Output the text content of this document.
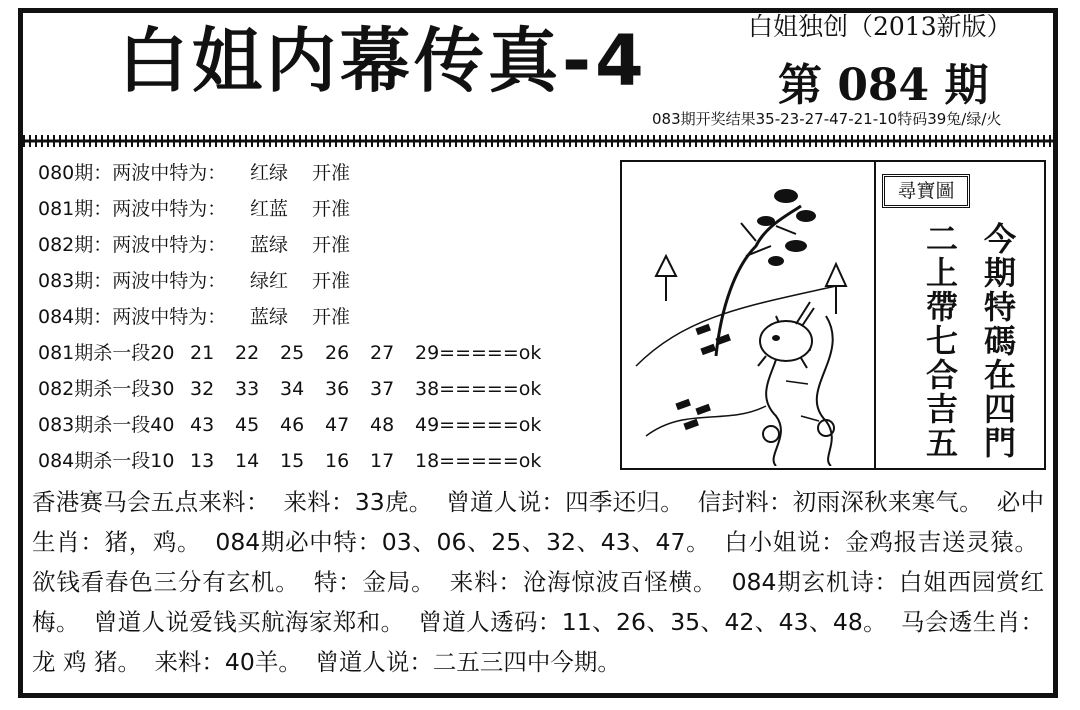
白姐内幕传真-4	白姐独创（2013新版）
第 084 期
083期开奖结果35-23-27-47-21-10特码39兔/绿/火
080期：两波中特为： 红绿 开准
081期：两波中特为： 红蓝 开准
082期：两波中特为： 蓝绿 开准
083期：两波中特为： 绿红 开准
084期：两波中特为： 蓝绿 开准
081期杀一段20 21 22 25 26 27 29=====ok
082期杀一段30 32 33 34 36 37 38=====ok
083期杀一段40 43 45 46 47 48 49=====ok
084期杀一段10 13 14 15 16 17 18=====ok
尋寶圖
今期特碼在四門
二上帶七合吉五
香港赛马会五点来料： 来料：33虎。 曾道人说：四季还归。 信封料：初雨深秋来寒气。 必中生肖：猪，鸡。 084期必中特：03、06、25、32、43、47。 白小姐说：金鸡报吉送灵猿。 欲钱看春色三分有玄机。 特：金局。 来料：沧海惊波百怪横。 084期玄机诗：白姐西园赏红梅。 曾道人说爱钱买航海家郑和。 曾道人透码：11、26、35、42、43、48。 马会透生肖：龙 鸡 猪。 来料：40羊。 曾道人说：二五三四中今期。
